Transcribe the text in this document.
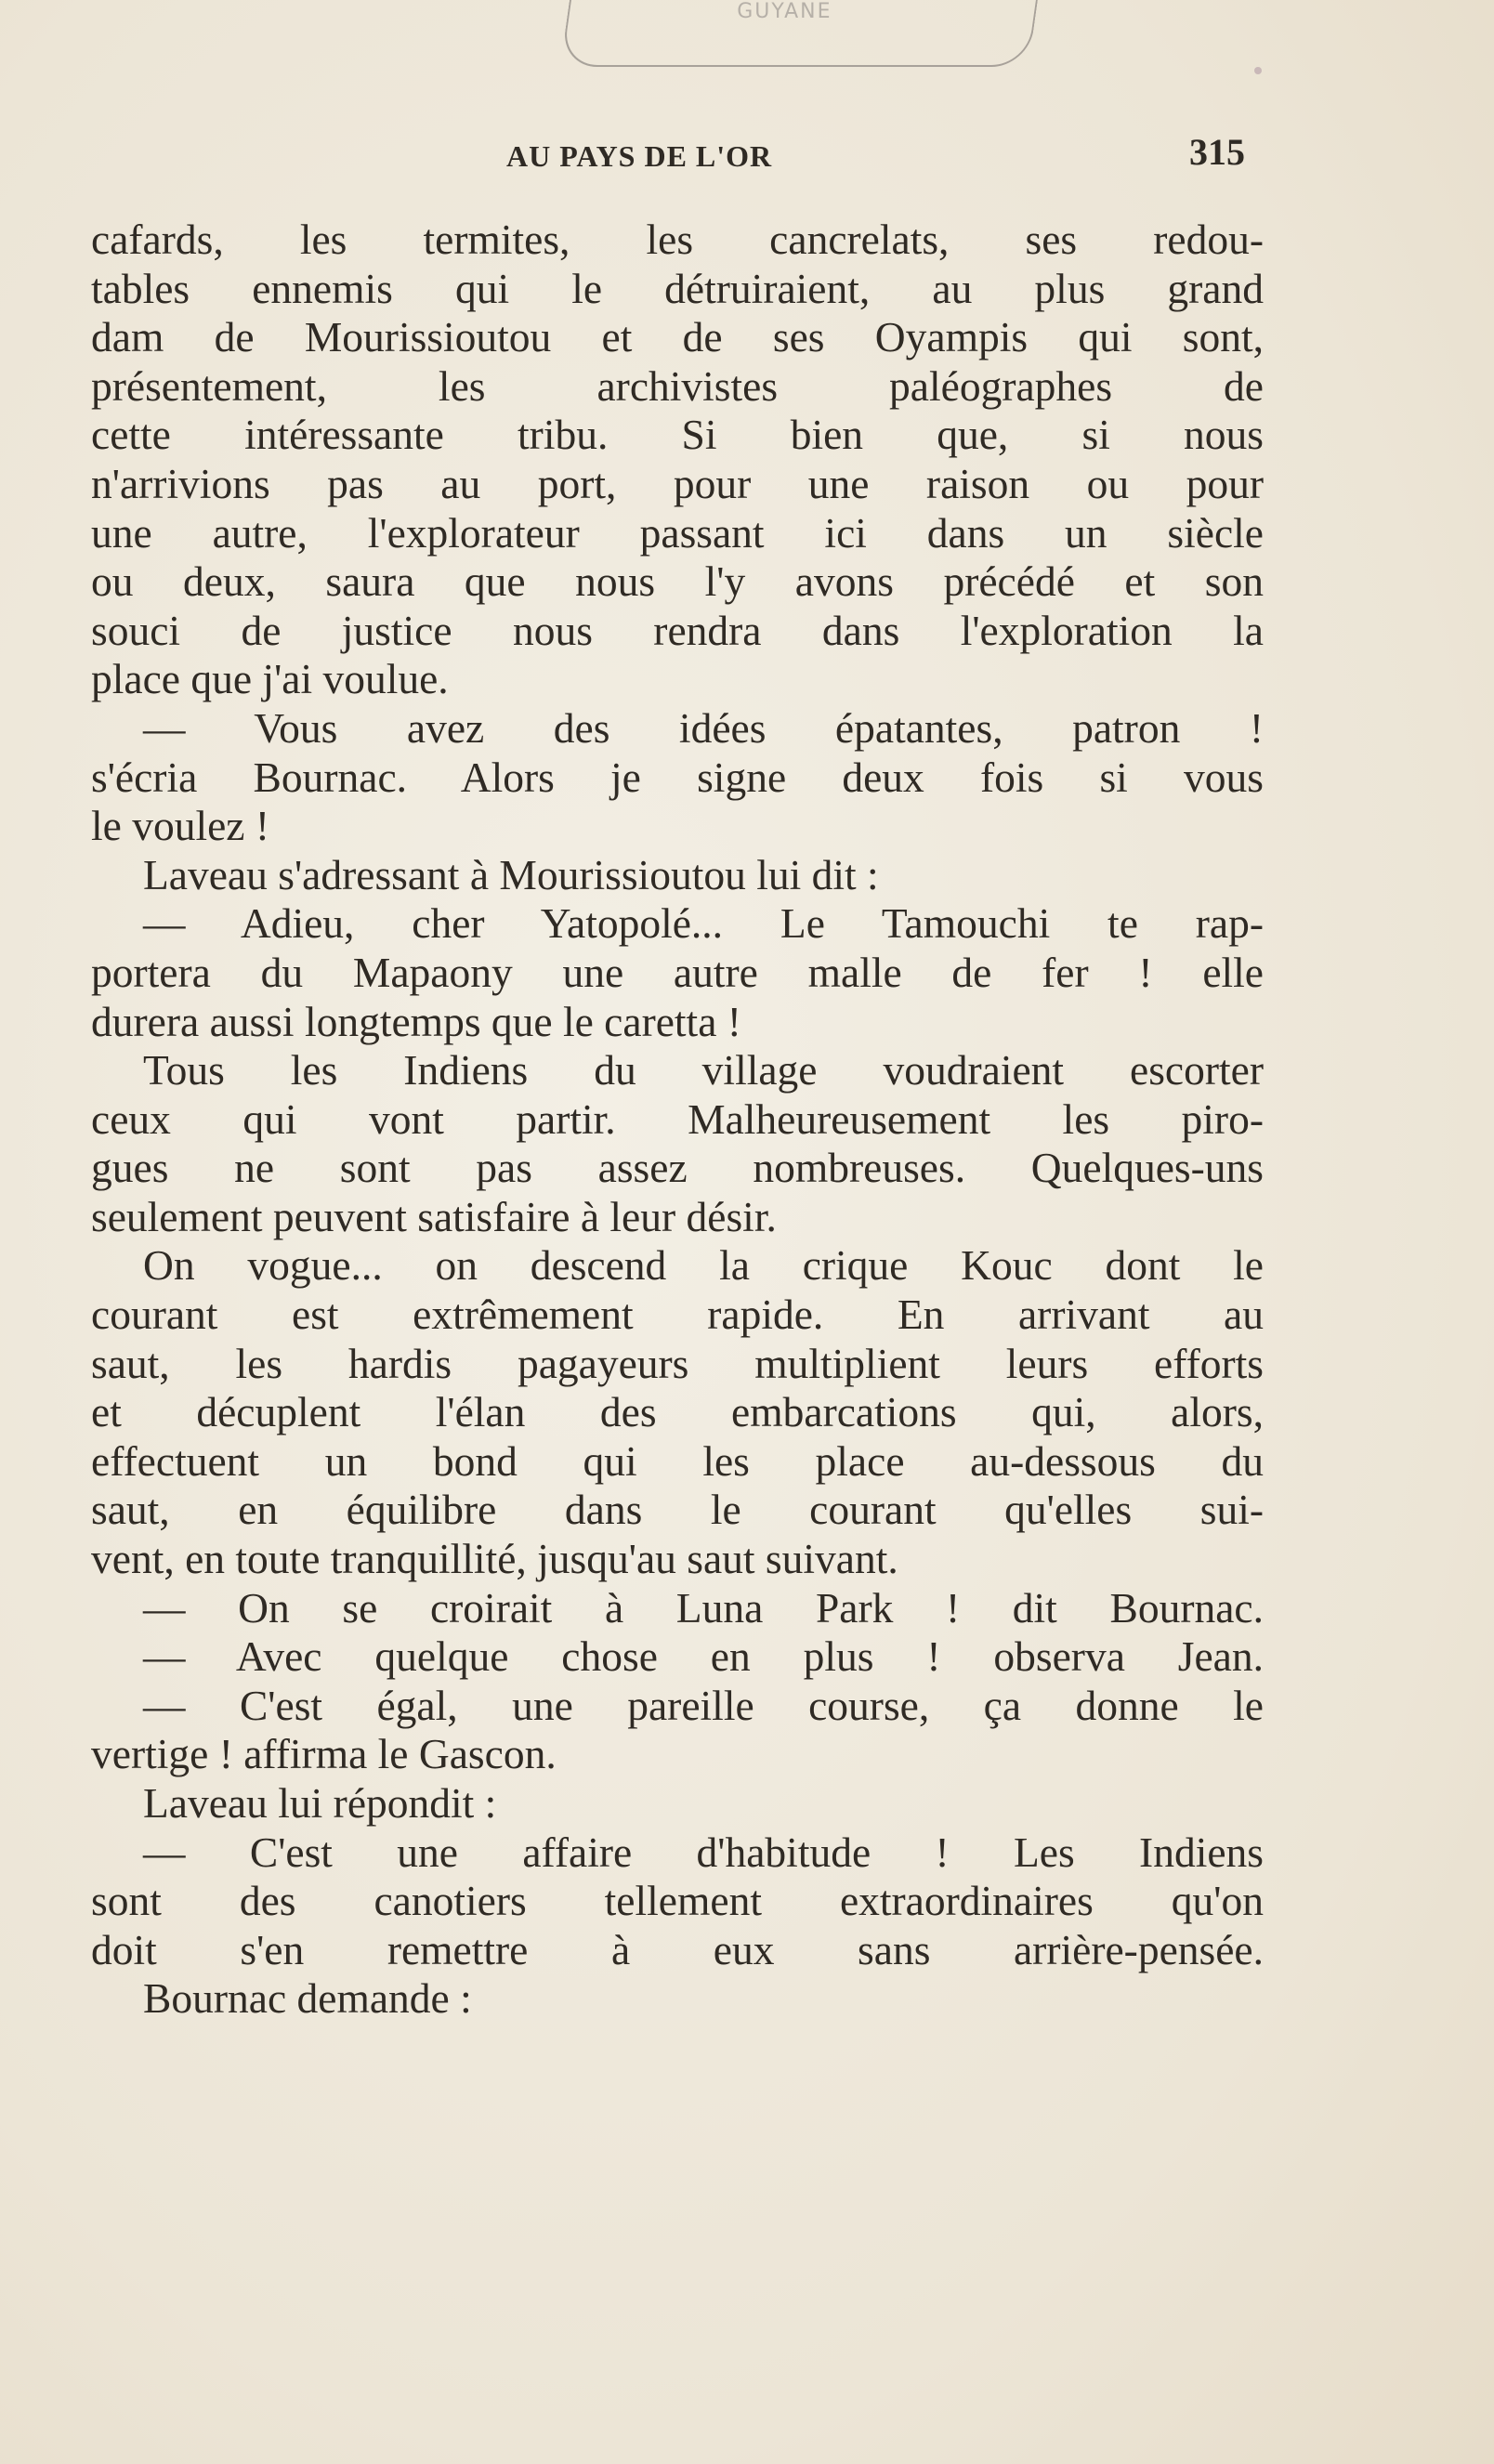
GUYANE
AU PAYS DE L'OR	315
cafards, les termites, les cancrelats, ses redou-
tables ennemis qui le détruiraient, au plus grand
dam de Mourissioutou et de ses Oyampis qui sont,
présentement, les archivistes paléographes de
cette intéressante tribu. Si bien que, si nous
n'arrivions pas au port, pour une raison ou pour
une autre, l'explorateur passant ici dans un siècle
ou deux, saura que nous l'y avons précédé et son
souci de justice nous rendra dans l'exploration la
place que j'ai voulue.
— Vous avez des idées épatantes, patron !
s'écria Bournac. Alors je signe deux fois si vous
le voulez !
Laveau s'adressant à Mourissioutou lui dit :
— Adieu, cher Yatopolé... Le Tamouchi te rap-
portera du Mapaony une autre malle de fer ! elle
durera aussi longtemps que le caretta !
Tous les Indiens du village voudraient escorter
ceux qui vont partir. Malheureusement les piro-
gues ne sont pas assez nombreuses. Quelques-uns
seulement peuvent satisfaire à leur désir.
On vogue... on descend la crique Kouc dont le
courant est extrêmement rapide. En arrivant au
saut, les hardis pagayeurs multiplient leurs efforts
et décuplent l'élan des embarcations qui, alors,
effectuent un bond qui les place au-dessous du
saut, en équilibre dans le courant qu'elles sui-
vent, en toute tranquillité, jusqu'au saut suivant.
— On se croirait à Luna Park ! dit Bournac.
— Avec quelque chose en plus ! observa Jean.
— C'est égal, une pareille course, ça donne le
vertige ! affirma le Gascon.
Laveau lui répondit :
— C'est une affaire d'habitude ! Les Indiens
sont des canotiers tellement extraordinaires qu'on
doit s'en remettre à eux sans arrière-pensée.
Bournac demande :
